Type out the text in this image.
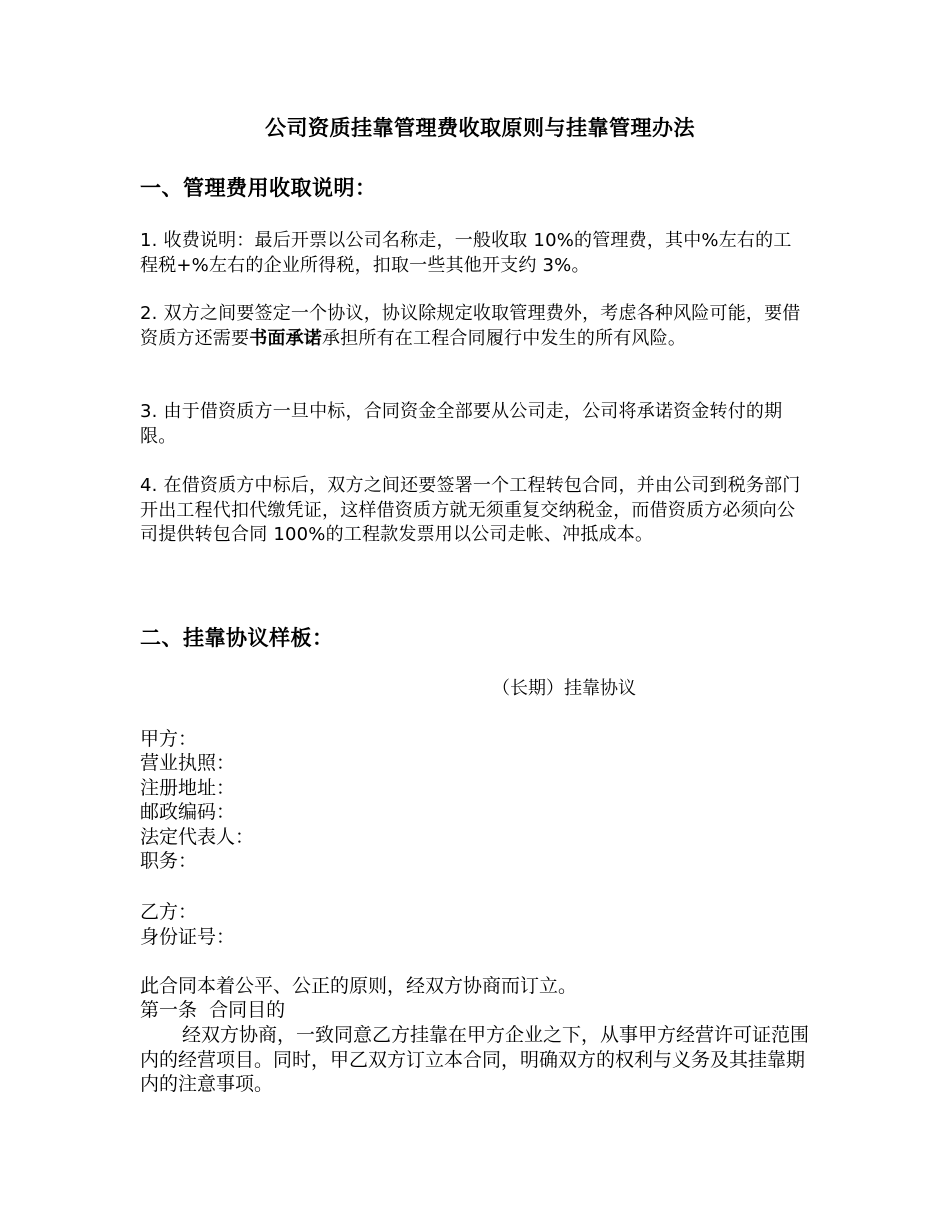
公司资质挂靠管理费收取原则与挂靠管理办法
一、管理费用收取说明：

1. 收费说明：最后开票以公司名称走，一般收取 10%的管理费，其中%左右的工程税+%左右的企业所得税，扣取一些其他开支约 3%。

2. 双方之间要签定一个协议，协议除规定收取管理费外，考虑各种风险可能，要借资质方还需要书面承诺承担所有在工程合同履行中发生的所有风险。

3. 由于借资质方一旦中标，合同资金全部要从公司走，公司将承诺资金转付的期限。

4. 在借资质方中标后，双方之间还要签署一个工程转包合同，并由公司到税务部门开出工程代扣代缴凭证，这样借资质方就无须重复交纳税金，而借资质方必须向公司提供转包合同 100%的工程款发票用以公司走帐、冲抵成本。

二、挂靠协议样板：
（长期）挂靠协议
甲方：
营业执照：
注册地址：
邮政编码：
法定代表人：
职务：
乙方：
身份证号：
此合同本着公平、公正的原则，经双方协商而订立。
第一条  合同目的

经双方协商，一致同意乙方挂靠在甲方企业之下，从事甲方经营许可证范围内的经营项目。同时，甲乙双方订立本合同，明确双方的权利与义务及其挂靠期内的注意事项。
